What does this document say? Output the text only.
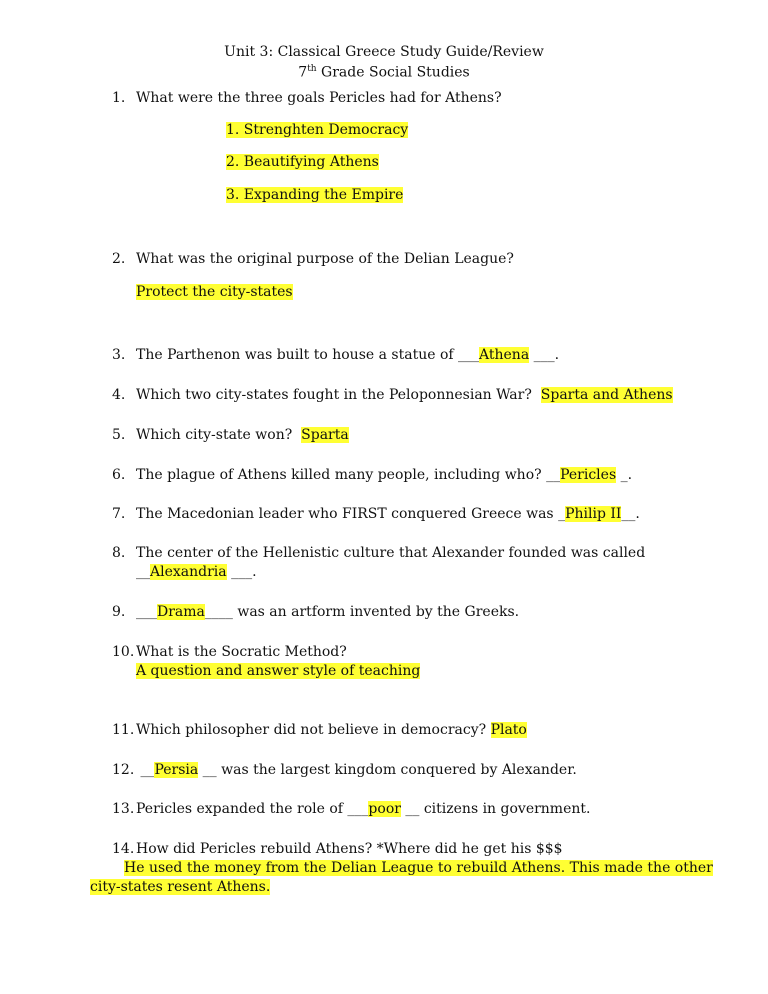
Unit 3: Classical Greece Study Guide/Review
7th Grade Social Studies
1. What were the three goals Pericles had for Athens?
1. Strenghten Democracy
2. Beautifying Athens
3. Expanding the Empire
2. What was the original purpose of the Delian League?
Protect the city-states
3. The Parthenon was built to house a statue of ___Athena ___.
4. Which two city-states fought in the Peloponnesian War?  Sparta and Athens
5. Which city-state won?  Sparta
6. The plague of Athens killed many people, including who? __Pericles _.
7. The Macedonian leader who FIRST conquered Greece was _Philip II__.
8. The center of the Hellenistic culture that Alexander founded was called
__Alexandria ___.
9. ___Drama____ was an artform invented by the Greeks.
10. What is the Socratic Method?
A question and answer style of teaching
11. Which philosopher did not believe in democracy? Plato
12. __Persia __ was the largest kingdom conquered by Alexander.
13. Pericles expanded the role of ___poor __ citizens in government.
14. How did Pericles rebuild Athens? *Where did he get his $$$
He used the money from the Delian League to rebuild Athens. This made the other
city-states resent Athens.
